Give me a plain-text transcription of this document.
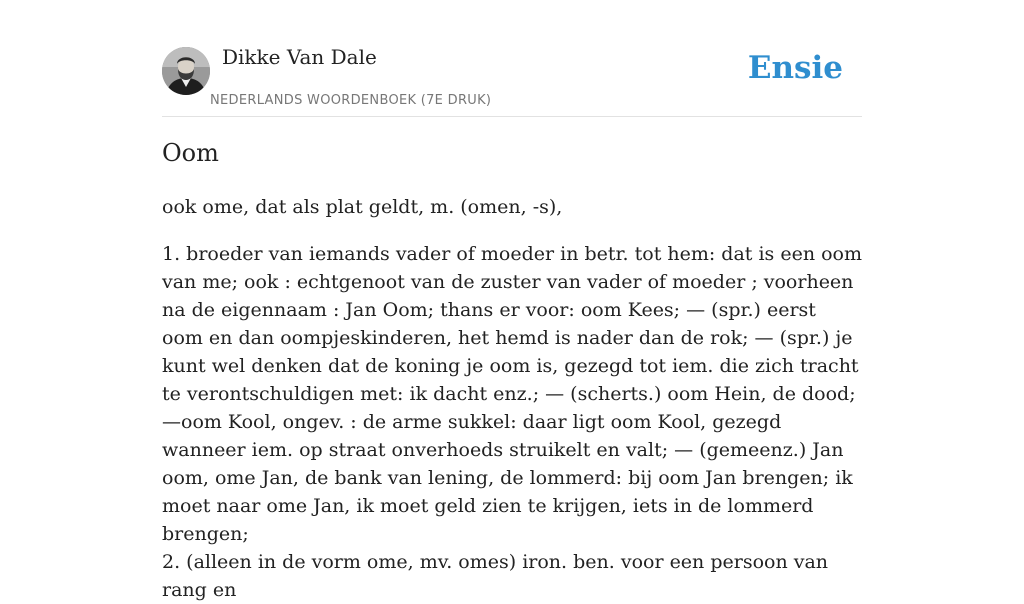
Dikke Van Dale
NEDERLANDS WOORDENBOEK (7E DRUK)
Ensie
Oom

ook ome, dat als plat geldt, m. (omen, -s),

1. broeder van iemands vader of moeder in betr. tot hem: dat is een oom van me; ook : echtgenoot van de zuster van vader of moeder ; voorheen na de eigennaam : Jan Oom; thans er voor: oom Kees; — (spr.) eerst oom en dan oompjeskinderen, het hemd is nader dan de rok; — (spr.) je kunt wel denken dat de koning je oom is, gezegd tot iem. die zich tracht te verontschuldigen met: ik dacht enz.; — (scherts.) oom Hein, de dood; —oom Kool, ongev. : de arme sukkel: daar ligt oom Kool, gezegd wanneer iem. op straat onverhoeds struikelt en valt; — (gemeenz.) Jan oom, ome Jan, de bank van lening, de lommerd: bij oom Jan brengen; ik moet naar ome Jan, ik moet geld zien te krijgen, iets in de lommerd brengen;
2. (alleen in de vorm ome, mv. omes) iron. ben. voor een persoon van rang en
